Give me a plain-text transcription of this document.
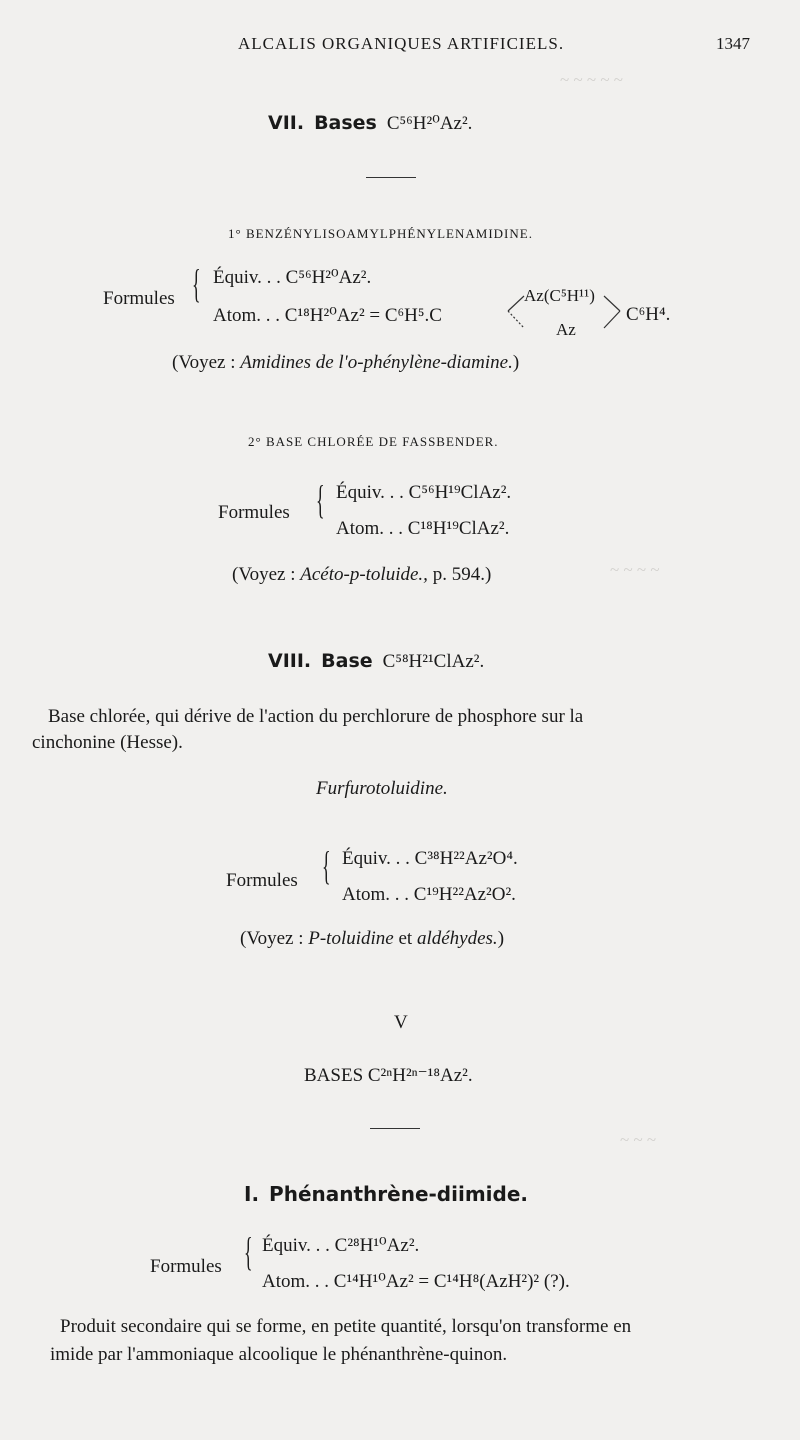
~ ~ ~ ~ ~
~ ~ ~ ~
~ ~ ~
ALCALIS ORGANIQUES ARTIFICIELS.	1347
VII. Bases C⁵⁶H²⁰Az².
1° BENZÉNYLISOAMYLPHÉNYLENAMIDINE.
Formules { Équiv. . . C⁵⁶H²⁰Az².
Atom. . . C¹⁸H²⁰Az² = C⁶H⁵.C
Az(C⁵H¹¹)
Az
C⁶H⁴.
(Voyez : Amidines de l'o-phénylène-diamine.)
2° BASE CHLORÉE DE FASSBENDER.
Formules { Équiv. . . C⁵⁶H¹⁹ClAz².
Atom. . . C¹⁸H¹⁹ClAz².
(Voyez : Acéto-p-toluide., p. 594.)
VIII. Base C⁵⁸H²¹ClAz².
Base chlorée, qui dérive de l'action du perchlorure de phosphore sur la
cinchonine (Hesse).
Furfurotoluidine.
Formules { Équiv. . . C³⁸H²²Az²O⁴.
Atom. . . C¹⁹H²²Az²O².
(Voyez : P-toluidine et aldéhydes.)
V
BASES C²ⁿH²ⁿ⁻¹⁸Az².
I. Phénanthrène-diimide.
Formules { Équiv. . . C²⁸H¹⁰Az².
Atom. . . C¹⁴H¹⁰Az² = C¹⁴H⁸(AzH²)² (?).
Produit secondaire qui se forme, en petite quantité, lorsqu'on transforme en
imide par l'ammoniaque alcoolique le phénanthrène-quinon.
